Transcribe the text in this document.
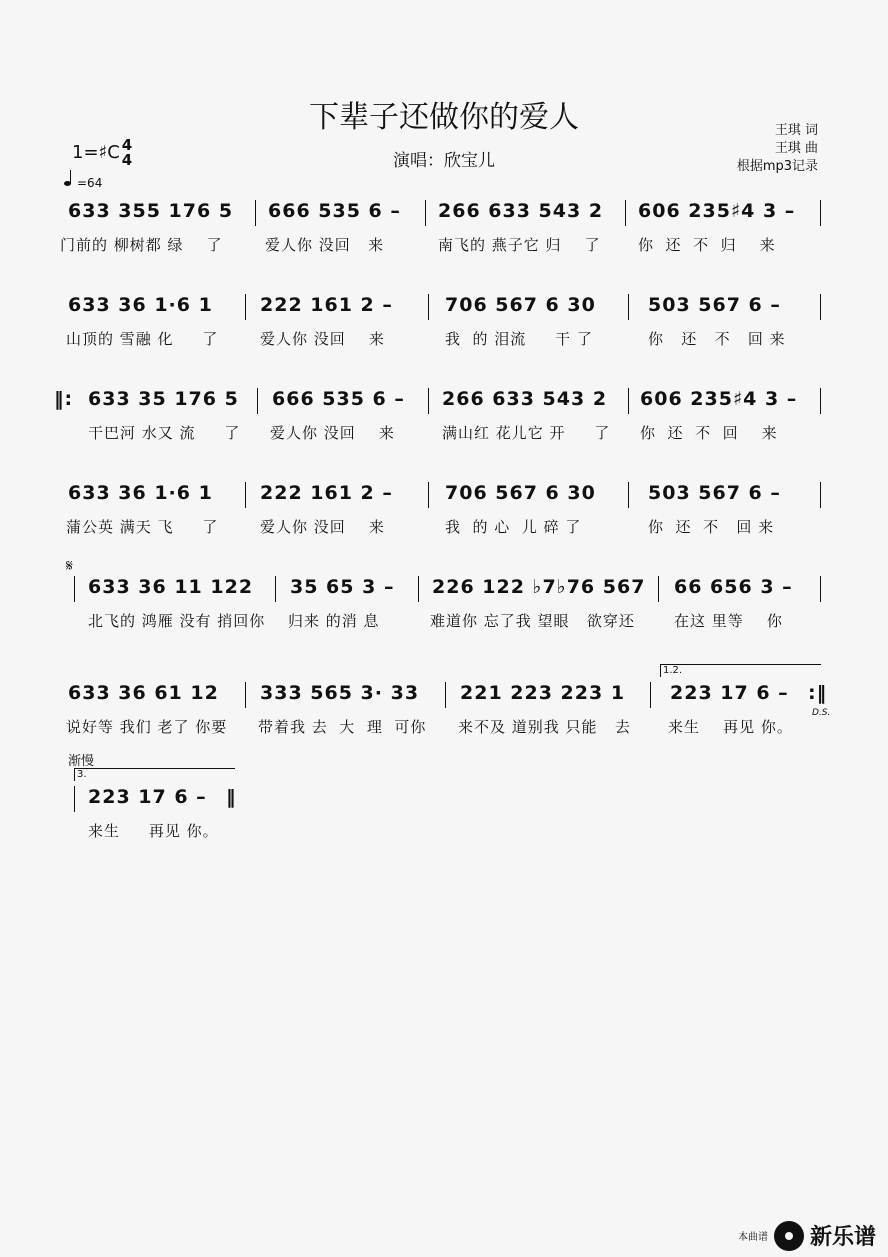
下辈子还做你的爱人
演唱：欣宝儿
王琪 词
王琪 曲
根据mp3记录
1=♯C 4
4
=64
633 355 176 5 666 535 6 – 266 633 543 2 606 235♯4 3 –
门前的 柳树都 绿    了	爱人你 没回   来	南飞的 燕子它 归    了 你  还  不  归    来
633 36 1·6 1 222 161 2 –	706 567 6 30	503 567 6 –
山顶的 雪融 化     了	爱人你 没回    来	我  的 泪流     干 了	你   还   不   回 来
‖: 633 35 176 5 666 535 6 – 266 633 543 2 606 235♯4 3 –
干巴河 水又 流     了 爱人你 没回    来	满山红 花儿它 开     了 你  还  不  回    来
633 36 1·6 1 222 161 2 –	706 567 6 30	503 567 6 –
蒲公英 满天 飞     了	爱人你 没回    来	我  的 心  儿 碎 了	你  还  不   回 来
𝄋
633 36 11 122 35 65 3 – 226 122 ♭7♭76 567 66 656 3 –
北飞的 鸿雁 没有 捎回你 归来 的消 息	难道你 忘了我 望眼   欲穿还	在这 里等    你
633 36 61 12 333 565 3· 33 221 223 223 1 223 17 6 – :‖
1.2.
D.S.
说好等 我们 老了 你要 带着我 去  大  理  可你 来不及 道别我 只能   去 来生    再见 你。
渐慢
3.
223 17 6 – ‖
来生     再见 你。
本曲谱 新乐谱
